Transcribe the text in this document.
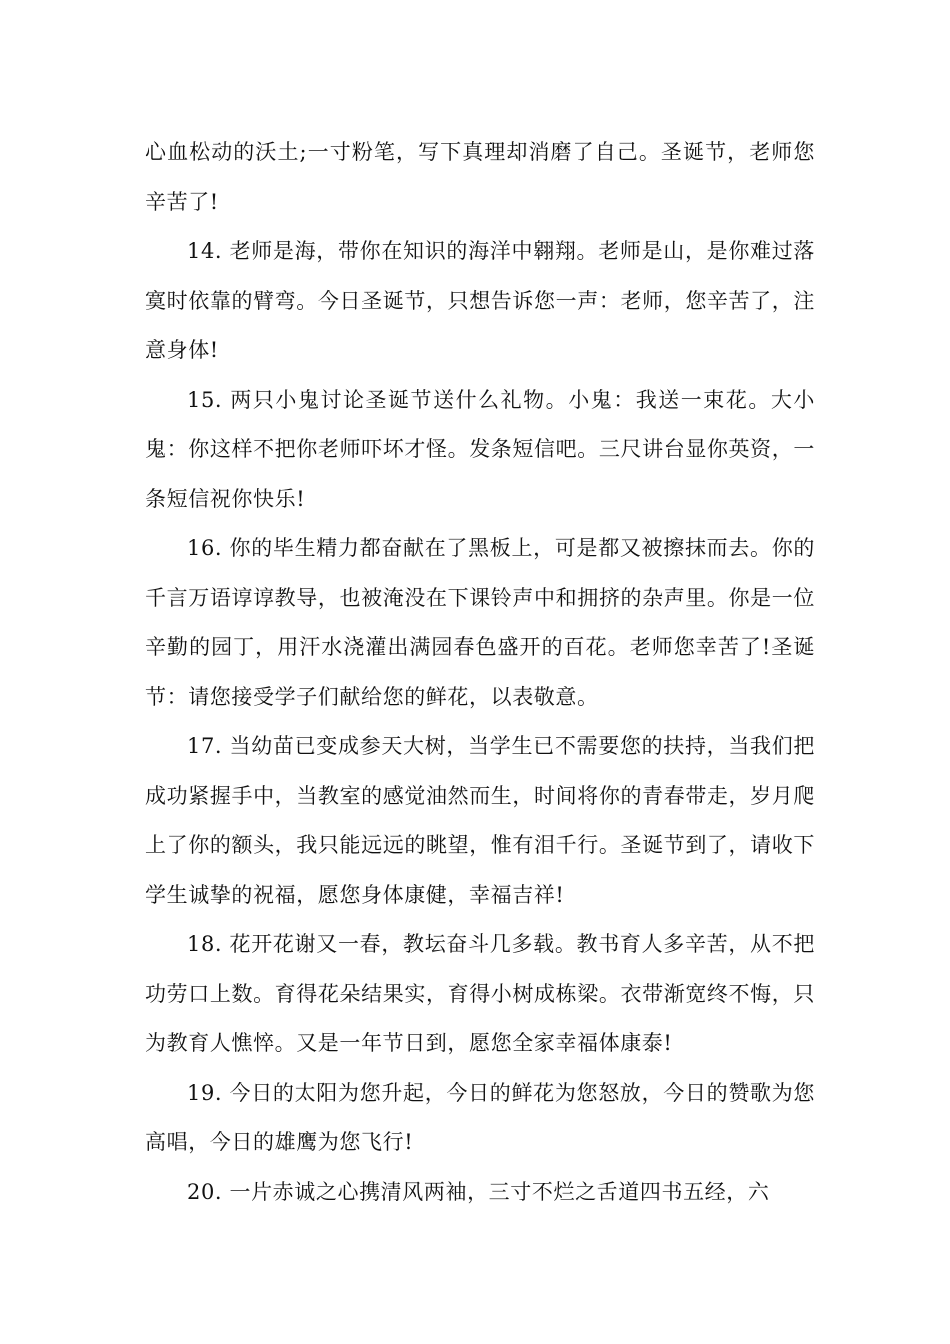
心血松动的沃土;一寸粉笔，写下真理却消磨了自己。圣诞节，老师您辛苦了!

14. 老师是海，带你在知识的海洋中翱翔。老师是山，是你难过落寞时依靠的臂弯。今日圣诞节，只想告诉您一声：老师，您辛苦了，注意身体!

15. 两只小鬼讨论圣诞节送什么礼物。小鬼：我送一束花。大小鬼：你这样不把你老师吓坏才怪。发条短信吧。三尺讲台显你英资，一条短信祝你快乐!

16. 你的毕生精力都奋献在了黑板上，可是都又被擦抹而去。你的千言万语谆谆教导，也被淹没在下课铃声中和拥挤的杂声里。你是一位辛勤的园丁，用汗水浇灌出满园春色盛开的百花。老师您幸苦了!圣诞节：请您接受学子们献给您的鲜花，以表敬意。

17. 当幼苗已变成参天大树，当学生已不需要您的扶持，当我们把成功紧握手中，当教室的感觉油然而生，时间将你的青春带走，岁月爬上了你的额头，我只能远远的眺望，惟有泪千行。圣诞节到了，请收下学生诚挚的祝福，愿您身体康健，幸福吉祥!

18. 花开花谢又一春，教坛奋斗几多载。教书育人多辛苦，从不把功劳口上数。育得花朵结果实，育得小树成栋梁。衣带渐宽终不悔，只为教育人憔悴。又是一年节日到，愿您全家幸福体康泰!

19. 今日的太阳为您升起，今日的鲜花为您怒放，今日的赞歌为您高唱，今日的雄鹰为您飞行!

20. 一片赤诚之心携清风两袖，三寸不烂之舌道四书五经，六
